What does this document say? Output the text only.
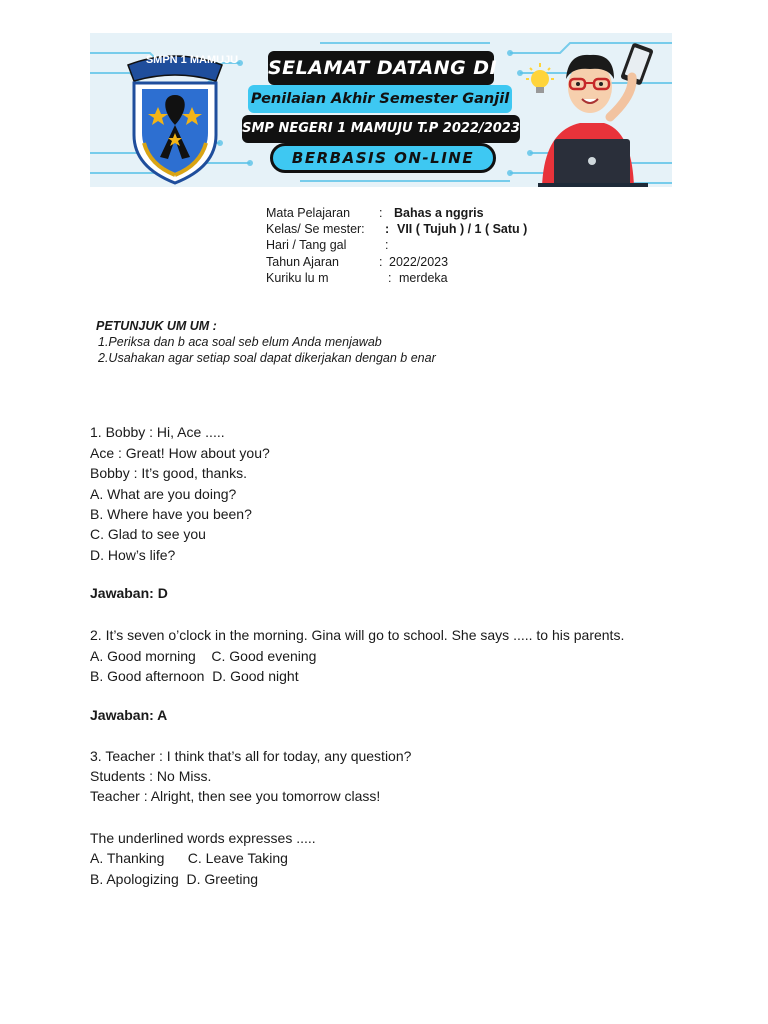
SMPN 1 MAMUJU	SELAMAT DATANG DI
Penilaian Akhir Semester Ganjil
SMP NEGERI 1 MAMUJU T.P 2022/2023
BERBASIS ON-LINE
Mata Pelajaran : Bahas a nggris
Kelas/ Se mester: : VII ( Tujuh ) / 1 ( Satu )
Hari / Tang gal	:
Tahun Ajaran	: 2022/2023
Kuriku lu m	: merdeka
PETUNJUK UM UM :
1.Periksa dan b aca soal seb elum Anda menjawab
2.Usahakan agar setiap soal dapat dikerjakan dengan b enar
1. Bobby : Hi, Ace .....
Ace : Great! How about you?
Bobby : It’s good, thanks.
A. What are you doing?
B. Where have you been?
C. Glad to see you
D. How’s life?
Jawaban: D
2. It’s seven o’clock in the morning. Gina will go to school. She says ..... to his parents.
A. Good morning    C. Good evening
B. Good afternoon  D. Good night
Jawaban: A
3. Teacher : I think that’s all for today, any question?
Students : No Miss.
Teacher : Alright, then see you tomorrow class!
The underlined words expresses .....
A. Thanking      C. Leave Taking
B. Apologizing  D. Greeting
